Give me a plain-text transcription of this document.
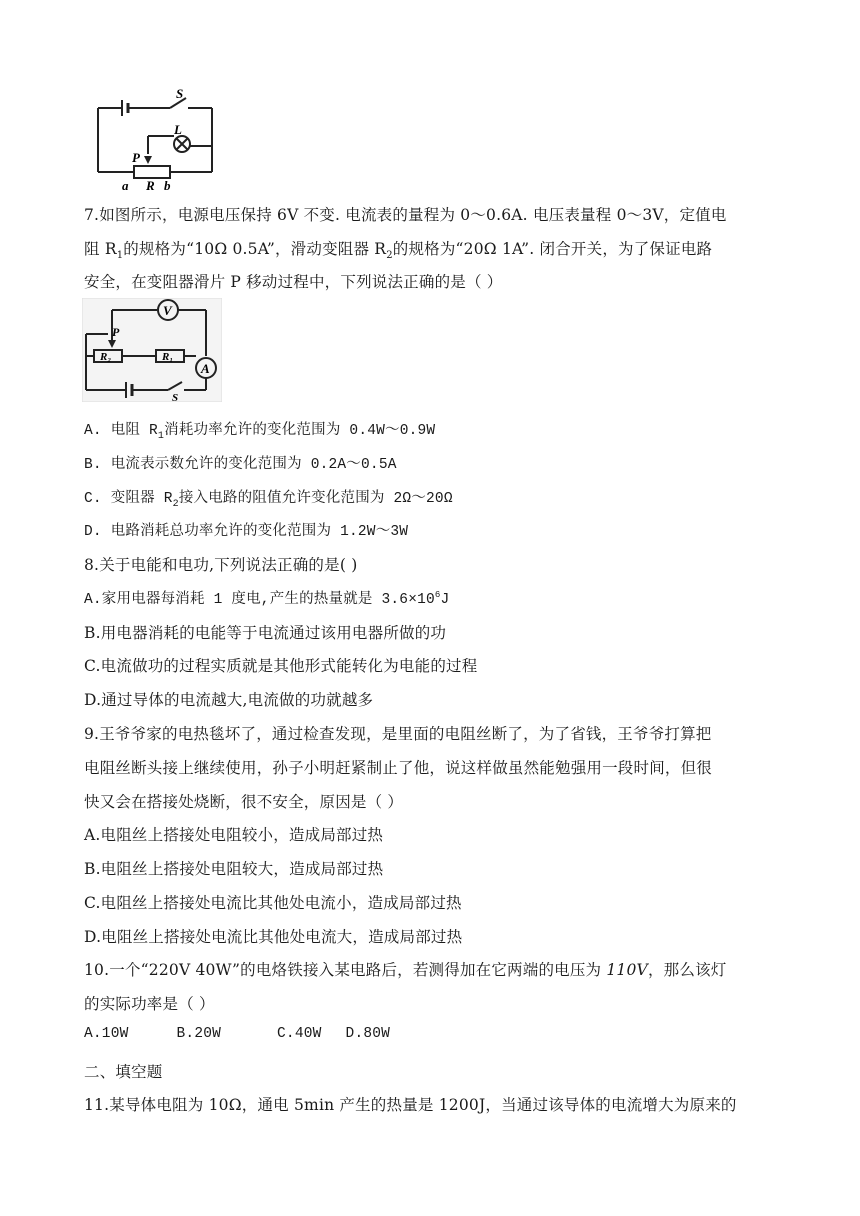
S
L
P
a R b
7.如图所示，电源电压保持 6V 不变. 电流表的量程为 0～0.6A. 电压表量程 0～3V，定值电
阻 $R_1$的规格为“10Ω 0.5A”，滑动变阻器 $R_2$的规格为“20Ω 1A”. 闭合开关，为了保证电路
安全，在变阻器滑片 P 移动过程中，下列说法正确的是（ ）
V
P
R₂	R₁
A
S
A. 电阻 $R_1$消耗功率允许的变化范围为 0.4W～0.9W
B. 电流表示数允许的变化范围为 0.2A～0.5A
C. 变阻器 $R_2$接入电路的阻值允许变化范围为 2Ω～20Ω
D. 电路消耗总功率允许的变化范围为 1.2W～3W
8.关于电能和电功,下列说法正确的是( )
A.家用电器每消耗 1 度电,产生的热量就是 $3.6\times 10^6J$
B.用电器消耗的电能等于电流通过该用电器所做的功
C.电流做功的过程实质就是其他形式能转化为电能的过程
D.通过导体的电流越大,电流做的功就越多
9.王爷爷家的电热毯坏了，通过检查发现，是里面的电阻丝断了，为了省钱，王爷爷打算把
电阻丝断头接上继续使用，孙子小明赶紧制止了他，说这样做虽然能勉强用一段时间，但很
快又会在搭接处烧断，很不安全，原因是（ ）
A.电阻丝上搭接处电阻较小，造成局部过热
B.电阻丝上搭接处电阻较大，造成局部过热
C.电阻丝上搭接处电流比其他处电流小，造成局部过热
D.电阻丝上搭接处电流比其他处电流大，造成局部过热
10.一个“220V 40W”的电烙铁接入某电路后，若测得加在它两端的电压为 110V，那么该灯
的实际功率是（ ）
A.10W	B.20W	C.40W D.80W
二、填空题
11.某导体电阻为 10Ω，通电 5min 产生的热量是 1200J，当通过该导体的电流增大为原来的
